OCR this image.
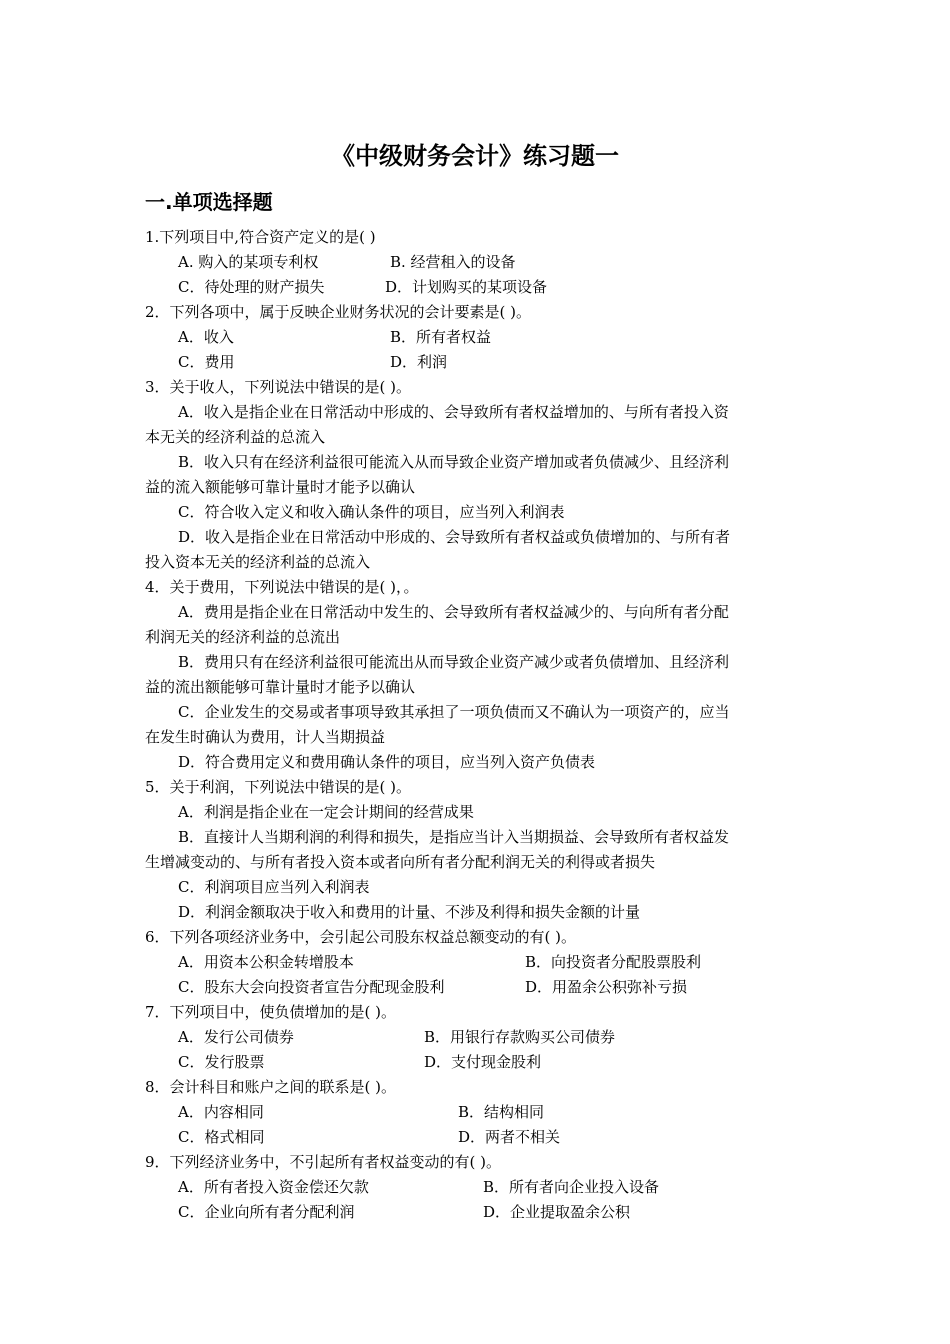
《中级财务会计》练习题一
一.单项选择题
1.下列项目中,符合资产定义的是( )
A. 购入的某项专利权	B. 经营租入的设备
C．待处理的财产损失	D．计划购买的某项设备
2．下列各项中，属于反映企业财务状况的会计要素是( )。
A．收入	B．所有者权益
C．费用	D．利润
3．关于收人，下列说法中错误的是( )。
A．收入是指企业在日常活动中形成的、会导致所有者权益增加的、与所有者投入资
本无关的经济利益的总流入
B．收入只有在经济利益很可能流入从而导致企业资产增加或者负债减少、且经济利
益的流入额能够可靠计量时才能予以确认
C．符合收入定义和收入确认条件的项目，应当列入利润表
D．收入是指企业在日常活动中形成的、会导致所有者权益或负债增加的、与所有者
投入资本无关的经济利益的总流入
4．关于费用，下列说法中错误的是( )，。
A．费用是指企业在日常活动中发生的、会导致所有者权益减少的、与向所有者分配
利润无关的经济利益的总流出
B．费用只有在经济利益很可能流出从而导致企业资产减少或者负债增加、且经济利
益的流出额能够可靠计量时才能予以确认
C．企业发生的交易或者事项导致其承担了一项负债而又不确认为一项资产的，应当
在发生时确认为费用，计人当期损益
D．符合费用定义和费用确认条件的项目，应当列入资产负债表
5．关于利润，下列说法中错误的是( )。
A．利润是指企业在一定会计期间的经营成果
B．直接计人当期利润的利得和损失，是指应当计入当期损益、会导致所有者权益发
生增减变动的、与所有者投入资本或者向所有者分配利润无关的利得或者损失
C．利润项目应当列入利润表
D．利润金额取决于收入和费用的计量、不涉及利得和损失金额的计量
6．下列各项经济业务中，会引起公司股东权益总额变动的有( )。
A．用资本公积金转增股本	B．向投资者分配股票股利
C．股东大会向投资者宣告分配现金股利	D．用盈余公积弥补亏损
7．下列项目中，使负债增加的是( )。
A．发行公司债券	B．用银行存款购买公司债券
C．发行股票	D．支付现金股利
8．会计科目和账户之间的联系是( )。
A．内容相同	B．结构相同
C．格式相同	D．两者不相关
9．下列经济业务中，不引起所有者权益变动的有( )。
A．所有者投入资金偿还欠款	B．所有者向企业投入设备
C．企业向所有者分配利润	D．企业提取盈余公积
